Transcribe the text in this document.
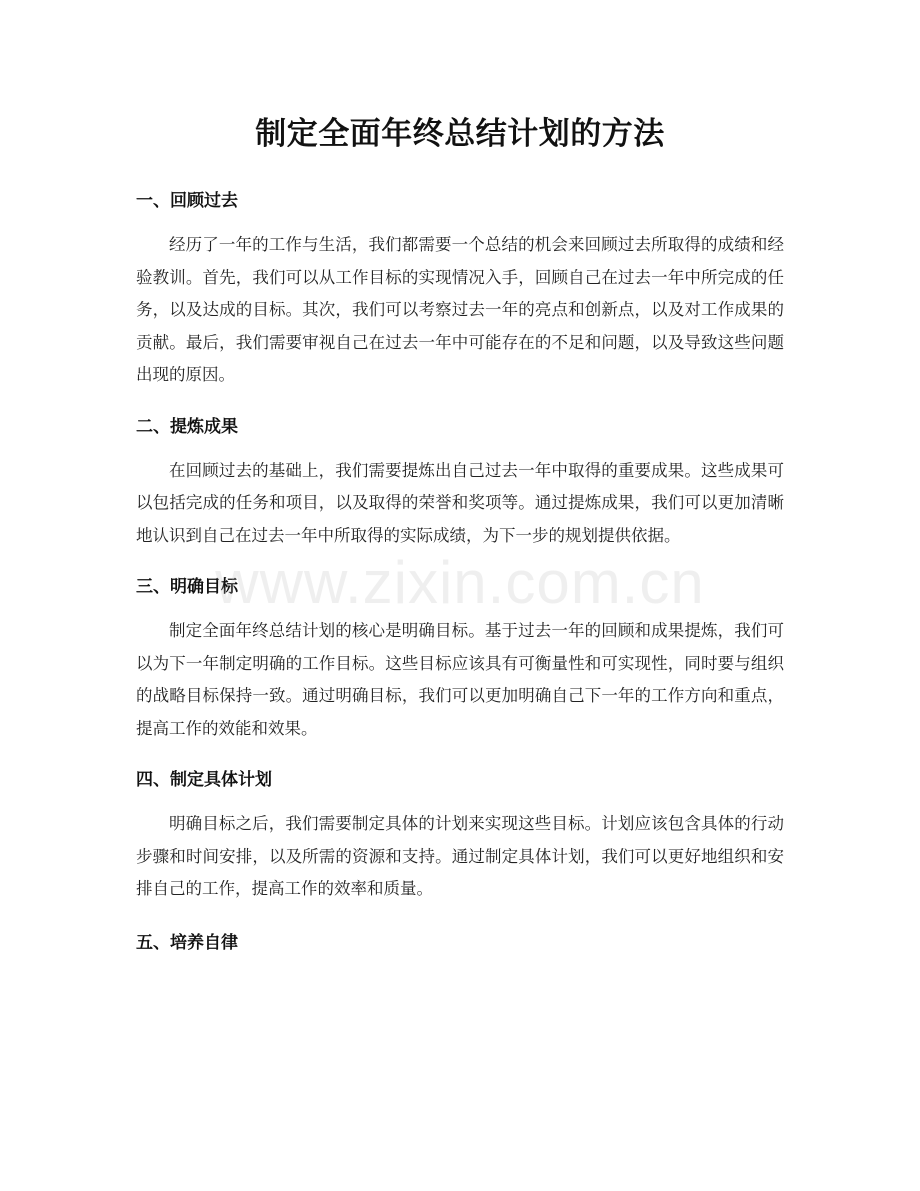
制定全面年终总结计划的方法
一、回顾过去

经历了一年的工作与生活，我们都需要一个总结的机会来回顾过去所取得的成绩和经验教训。首先，我们可以从工作目标的实现情况入手，回顾自己在过去一年中所完成的任务，以及达成的目标。其次，我们可以考察过去一年的亮点和创新点，以及对工作成果的贡献。最后，我们需要审视自己在过去一年中可能存在的不足和问题，以及导致这些问题出现的原因。

二、提炼成果

在回顾过去的基础上，我们需要提炼出自己过去一年中取得的重要成果。这些成果可以包括完成的任务和项目，以及取得的荣誉和奖项等。通过提炼成果，我们可以更加清晰地认识到自己在过去一年中所取得的实际成绩，为下一步的规划提供依据。

三、明确目标

制定全面年终总结计划的核心是明确目标。基于过去一年的回顾和成果提炼，我们可以为下一年制定明确的工作目标。这些目标应该具有可衡量性和可实现性，同时要与组织的战略目标保持一致。通过明确目标，我们可以更加明确自己下一年的工作方向和重点，提高工作的效能和效果。

四、制定具体计划

明确目标之后，我们需要制定具体的计划来实现这些目标。计划应该包含具体的行动步骤和时间安排，以及所需的资源和支持。通过制定具体计划，我们可以更好地组织和安排自己的工作，提高工作的效率和质量。

五、培养自律
www.zixin.com.cn
